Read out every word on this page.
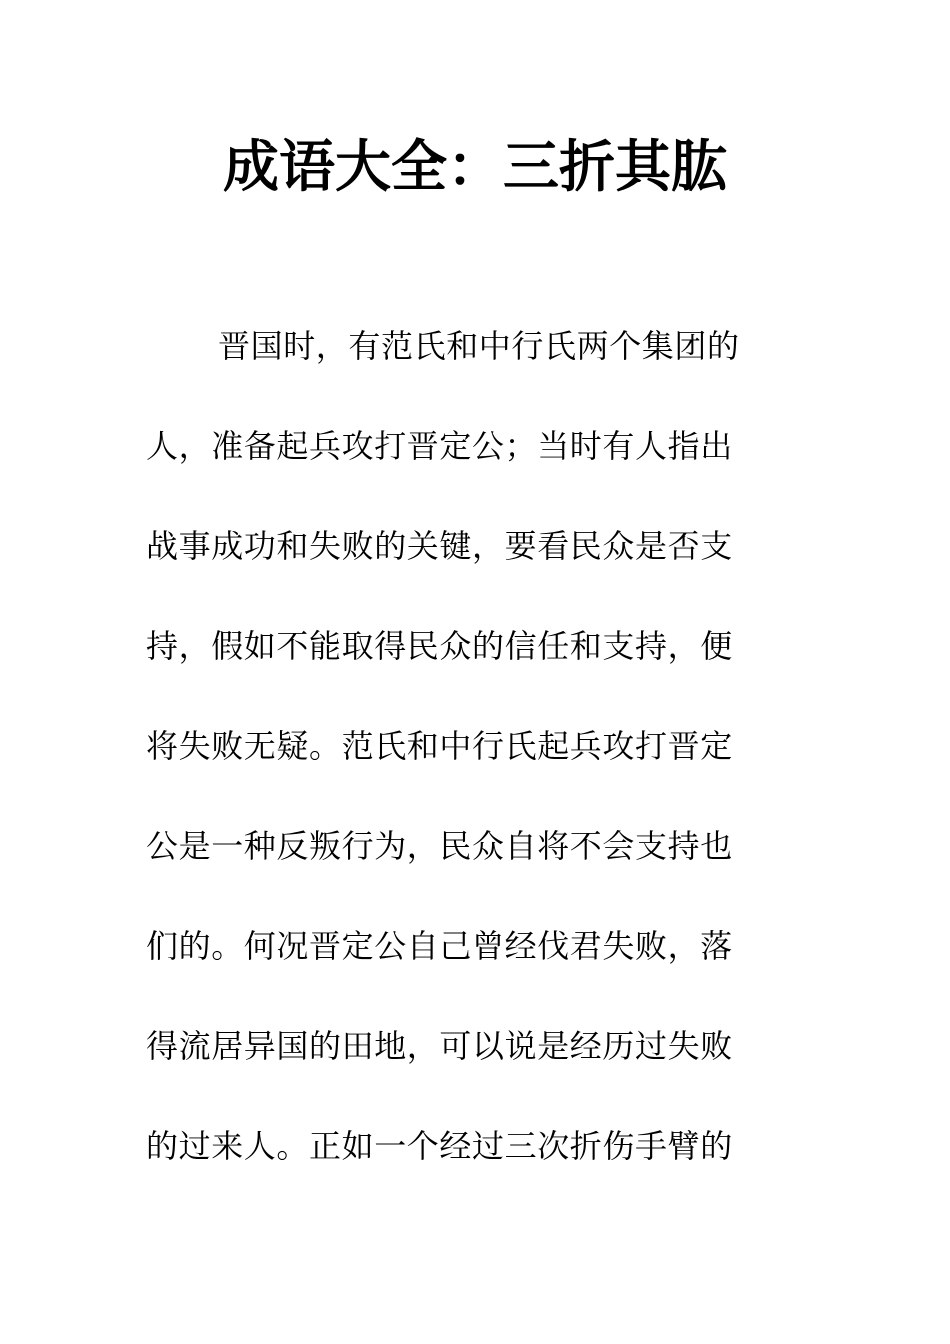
成语大全：三折其肱
晋国时，有范氏和中行氏两个集团的
人，准备起兵攻打晋定公；当时有人指出
战事成功和失败的关键，要看民众是否支
持，假如不能取得民众的信任和支持，便
将失败无疑。范氏和中行氏起兵攻打晋定
公是一种反叛行为，民众自将不会支持也
们的。何况晋定公自己曾经伐君失败，落
得流居异国的田地，可以说是经历过失败
的过来人。正如一个经过三次折伤手臂的
